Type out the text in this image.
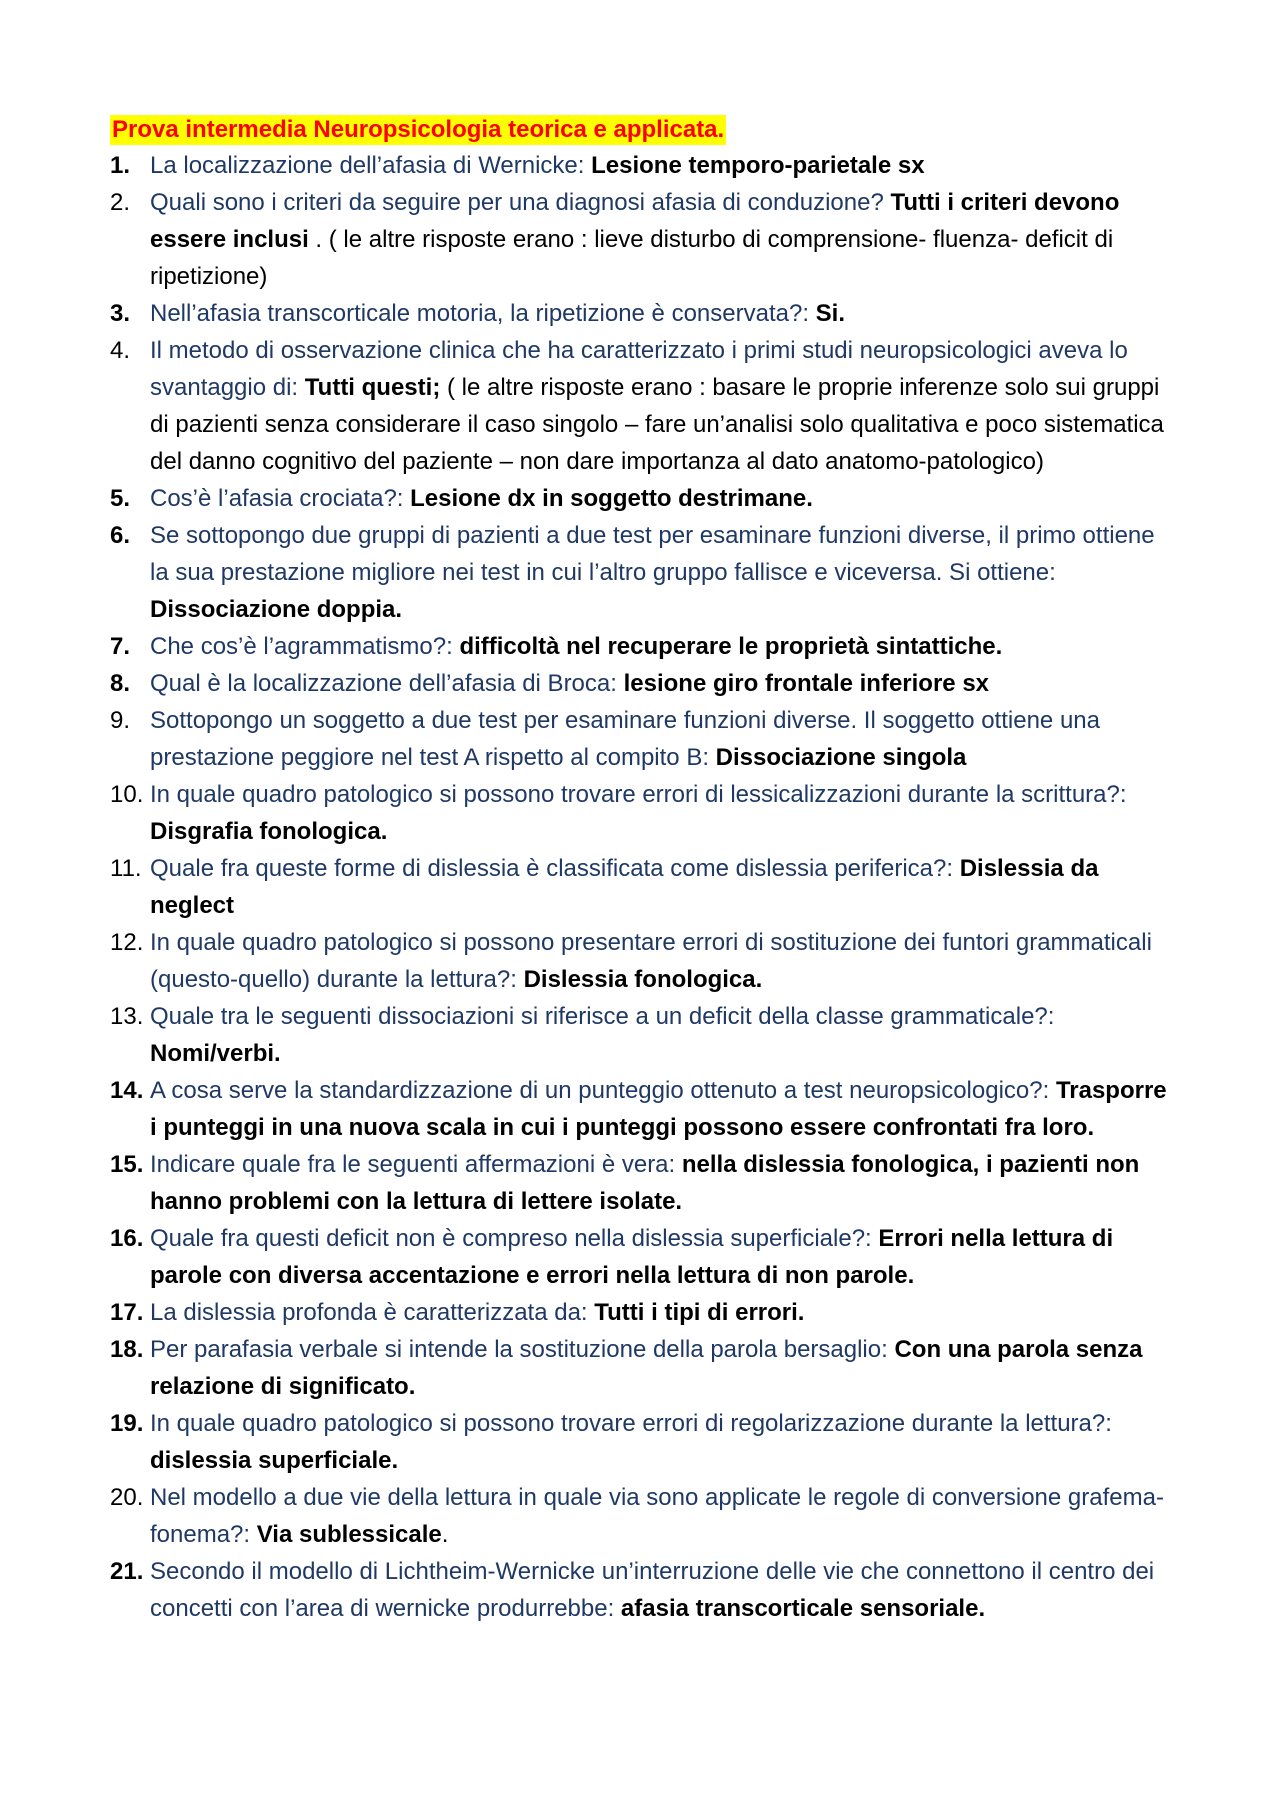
Prova intermedia Neuropsicologia teorica e applicata.
1. La localizzazione dell’afasia di Wernicke: Lesione temporo-parietale sx
2. Quali sono i criteri da seguire per una diagnosi afasia di conduzione? Tutti i criteri devono essere inclusi . ( le altre risposte erano : lieve disturbo di comprensione- fluenza- deficit di ripetizione)
3. Nell’afasia transcorticale motoria, la ripetizione è conservata?: Si.
4. Il metodo di osservazione clinica che ha caratterizzato i primi studi neuropsicologici aveva lo svantaggio di: Tutti questi; ( le altre risposte erano : basare le proprie inferenze solo sui gruppi di pazienti senza considerare il caso singolo – fare un’analisi solo qualitativa e poco sistematica del danno cognitivo del paziente – non dare importanza al dato anatomo-patologico)
5. Cos’è l’afasia crociata?: Lesione dx in soggetto destrimane.
6. Se sottopongo due gruppi di pazienti a due test per esaminare funzioni diverse, il primo ottiene la sua prestazione migliore nei test in cui l’altro gruppo fallisce e viceversa. Si ottiene: Dissociazione doppia.
7. Che cos’è l’agrammatismo?: difficoltà nel recuperare le proprietà sintattiche.
8. Qual è la localizzazione dell’afasia di Broca: lesione giro frontale inferiore sx
9. Sottopongo un soggetto a due test per esaminare funzioni diverse. Il soggetto ottiene una prestazione peggiore nel test A rispetto al compito B: Dissociazione singola
10. In quale quadro patologico si possono trovare errori di lessicalizzazioni durante la scrittura?: Disgrafia fonologica.
11. Quale fra queste forme di dislessia è classificata come dislessia periferica?: Dislessia da neglect
12. In quale quadro patologico si possono presentare errori di sostituzione dei funtori grammaticali (questo-quello) durante la lettura?: Dislessia fonologica.
13. Quale tra le seguenti dissociazioni si riferisce a un deficit della classe grammaticale?: Nomi/verbi.
14. A cosa serve la standardizzazione di un punteggio ottenuto a test neuropsicologico?: Trasporre i punteggi in una nuova scala in cui i punteggi possono essere confrontati fra loro.
15. Indicare quale fra le seguenti affermazioni è vera: nella dislessia fonologica, i pazienti non hanno problemi con la lettura di lettere isolate.
16. Quale fra questi deficit non è compreso nella dislessia superficiale?: Errori nella lettura di parole con diversa accentazione e errori nella lettura di non parole.
17. La dislessia profonda è caratterizzata da: Tutti i tipi di errori.
18. Per parafasia verbale si intende la sostituzione della parola bersaglio: Con una parola senza relazione di significato.
19. In quale quadro patologico si possono trovare errori di regolarizzazione durante la lettura?: dislessia superficiale.
20. Nel modello a due vie della lettura in quale via sono applicate le regole di conversione grafema-fonema?: Via sublessicale.
21. Secondo il modello di Lichtheim-Wernicke un’interruzione delle vie che connettono il centro dei concetti con l’area di wernicke produrrebbe: afasia transcorticale sensoriale.
